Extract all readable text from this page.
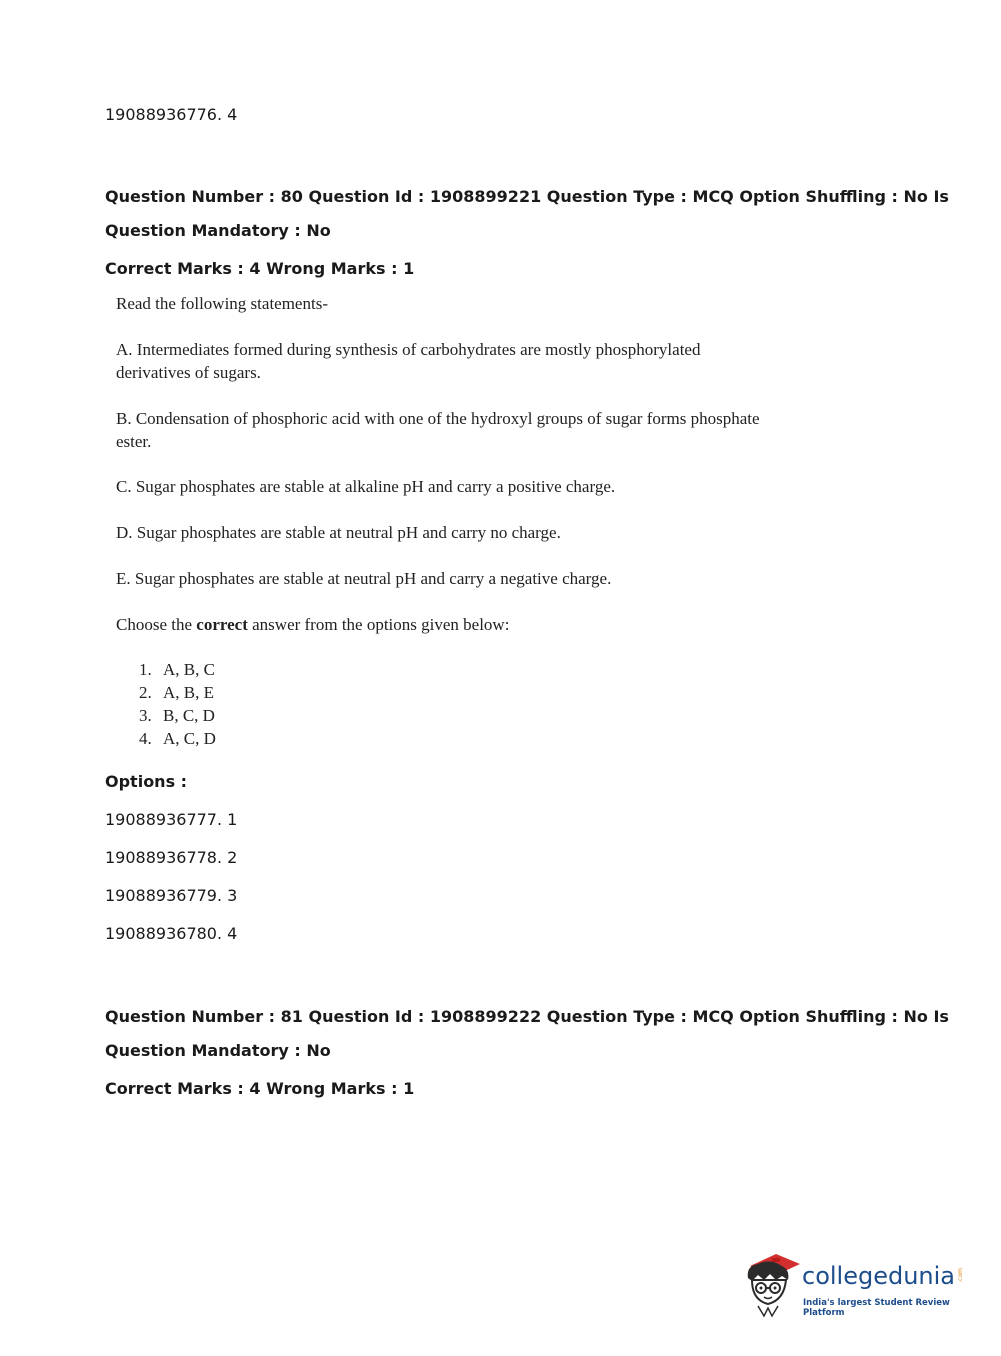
19088936776. 4
Question Number : 80 Question Id : 1908899221 Question Type : MCQ Option Shuffling : No Is
Question Mandatory : No
Correct Marks : 4 Wrong Marks : 1
Read the following statements-
A. Intermediates formed during synthesis of carbohydrates are mostly phosphorylated
derivatives of sugars.
B. Condensation of phosphoric acid with one of the hydroxyl groups of sugar forms phosphate
ester.
C. Sugar phosphates are stable at alkaline pH and carry a positive charge.
D. Sugar phosphates are stable at neutral pH and carry no charge.
E. Sugar phosphates are stable at neutral pH and carry a negative charge.
Choose the correct answer from the options given below:
1. A, B, C
2. A, B, E
3. B, C, D
4. A, C, D
Options :
19088936777. 1
19088936778. 2
19088936779. 3
19088936780. 4
Question Number : 81 Question Id : 1908899222 Question Type : MCQ Option Shuffling : No Is
Question Mandatory : No
Correct Marks : 4 Wrong Marks : 1
collegedunia .com
India's largest Student Review Platform
